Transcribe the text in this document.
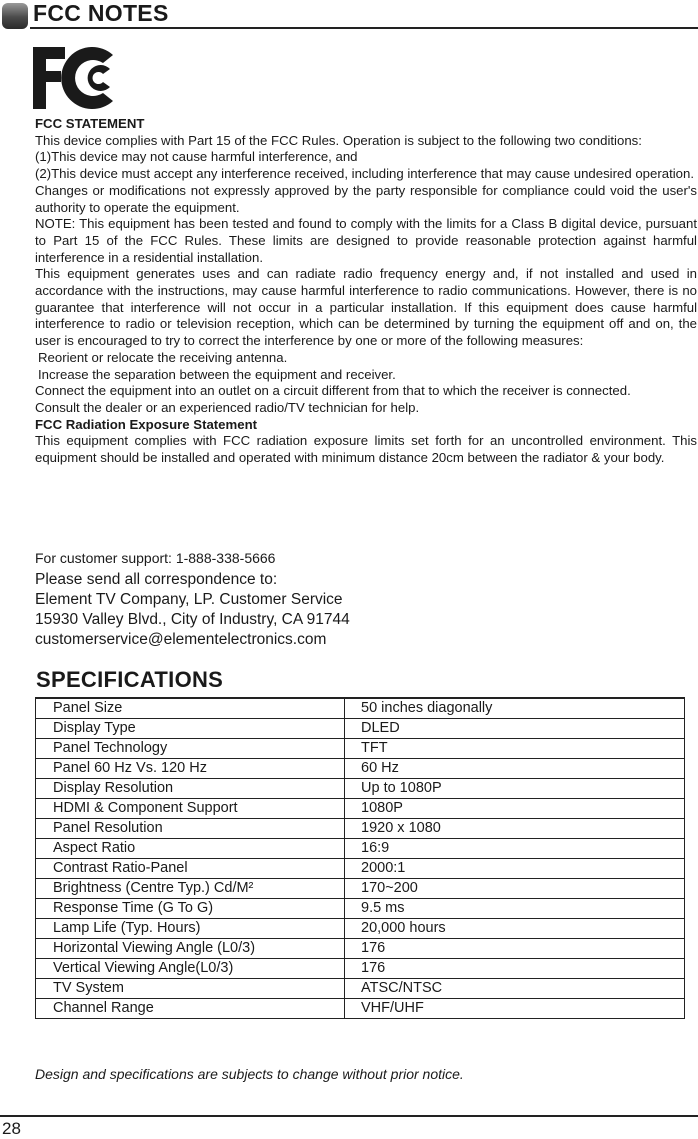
FCC NOTES

FCC STATEMENT

This device complies with Part 15 of the FCC Rules. Operation is subject to the following two conditions:

(1)This device may not cause harmful interference, and

(2)This device must accept any interference received, including interference that may cause undesired operation.

Changes or modifications not expressly approved by the party responsible for compliance could void the user's authority to operate the equipment.

NOTE: This equipment has been tested and found to comply with the limits for a Class B digital device, pursuant to Part 15 of the FCC Rules. These limits are designed to provide reasonable protection against harmful interference in a residential installation.

This equipment generates uses and can radiate radio frequency energy and, if not installed and used in accordance with the instructions, may cause harmful interference to radio communications. However, there is no guarantee that interference will not occur in a particular installation. If this equipment does cause harmful interference to radio or television reception, which can be determined by turning the equipment off and on, the user is encouraged to try to correct the interference by one or more of the following measures:

Reorient or relocate the receiving antenna.

Increase the separation between the equipment and receiver.

Connect the equipment into an outlet on a circuit different from that to which the receiver is connected.

Consult the dealer or an experienced radio/TV technician for help.

FCC Radiation Exposure Statement

This equipment complies with FCC radiation exposure limits set forth for an uncontrolled environment. This equipment should be installed and operated with minimum distance 20cm between the radiator & your body.

For customer support: 1-888-338-5666
Please send all correspondence to:
Element TV Company, LP. Customer Service
15930 Valley Blvd., City of Industry, CA 91744
customerservice@elementelectronics.com
SPECIFICATIONS
Panel Size	50 inches diagonally
Display Type	DLED
Panel Technology	TFT
Panel 60 Hz Vs. 120 Hz	60 Hz
Display Resolution	Up to 1080P
HDMI & Component Support	1080P
Panel Resolution	1920 x 1080
Aspect Ratio	16:9
Contrast Ratio-Panel	2000:1
Brightness (Centre Typ.) Cd/M²	170~200
Response Time (G To G)	9.5 ms
Lamp Life (Typ. Hours)	20,000 hours
Horizontal Viewing Angle (L0/3)	176
Vertical Viewing Angle(L0/3)	176
TV System	ATSC/NTSC
Channel Range	VHF/UHF
Design and specifications are subjects to change without prior notice.
28
